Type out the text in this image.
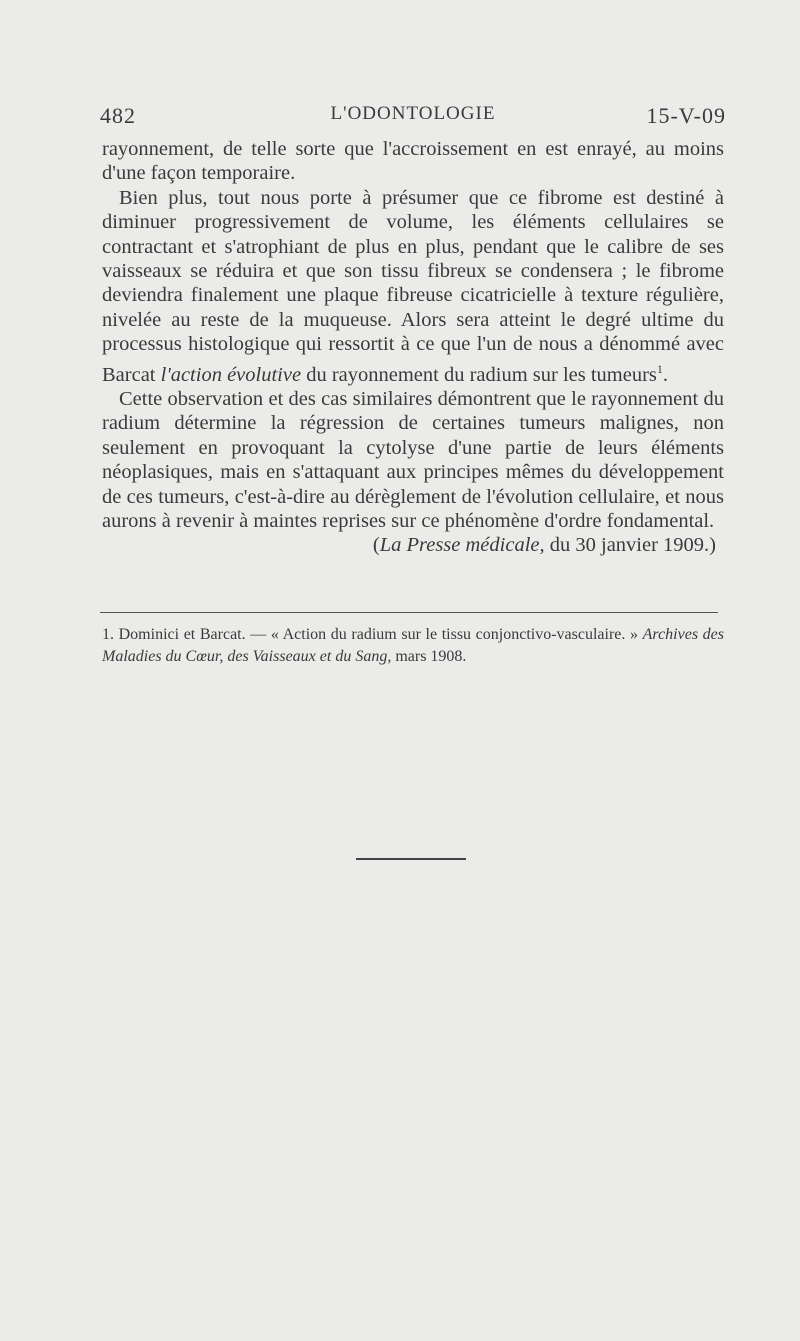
482	L'ODONTOLOGIE	15-V-09

rayonnement, de telle sorte que l'accroissement en est enrayé, au moins d'une façon temporaire.

Bien plus, tout nous porte à présumer que ce fibrome est destiné à diminuer progressivement de volume, les éléments cellulaires se contractant et s'atrophiant de plus en plus, pendant que le calibre de ses vaisseaux se réduira et que son tissu fibreux se condensera ; le fibrome deviendra finalement une plaque fibreuse cicatricielle à texture régulière, nivelée au reste de la muqueuse. Alors sera atteint le degré ultime du processus histologique qui ressortit à ce que l'un de nous a dénommé avec Barcat l'action évolutive du rayonnement du radium sur les tumeurs$^1$.

Cette observation et des cas similaires démontrent que le rayonnement du radium détermine la régression de certaines tumeurs malignes, non seulement en provoquant la cytolyse d'une partie de leurs éléments néoplasiques, mais en s'attaquant aux principes mêmes du développement de ces tumeurs, c'est-à-dire au dérèglement de l'évolution cellulaire, et nous aurons à revenir à maintes reprises sur ce phénomène d'ordre fondamental.

(La Presse médicale, du 30 janvier 1909.)

1. Dominici et Barcat. — « Action du radium sur le tissu conjonctivo-vasculaire. » Archives des Maladies du Cœur, des Vaisseaux et du Sang, mars 1908.
